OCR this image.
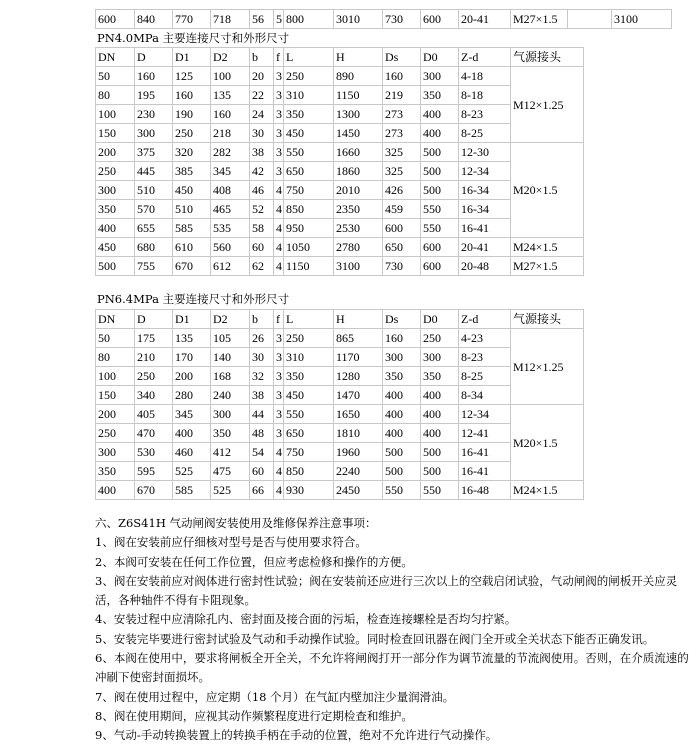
600	840	770	718	56	5	800	3010	730	600	20-41	M27×1.5		3100
PN4.0MPa 主要连接尺寸和外形尺寸
DN	D	D1	D2	b	f	L	H	Ds	D0	Z-d	气源接头
50	160	125	100	20	3	250	890	160	300	4-18	M12×1.25
80	195	160	135	22	3	310	1150	219	350	8-18	
100	230	190	160	24	3	350	1300	273	400	8-23	
150	300	250	218	30	3	450	1450	273	400	8-25	
200	375	320	282	38	3	550	1660	325	500	12-30	M20×1.5
250	445	385	345	42	3	650	1860	325	500	12-34	
300	510	450	408	46	4	750	2010	426	500	16-34	
350	570	510	465	52	4	850	2350	459	550	16-34	
400	655	585	535	58	4	950	2530	600	550	16-41	
450	680	610	560	60	4	1050	2780	650	600	20-41	M24×1.5
500	755	670	612	62	4	1150	3100	730	600	20-48	M27×1.5
PN6.4MPa 主要连接尺寸和外形尺寸
DN	D	D1	D2	b	f	L	H	Ds	D0	Z-d	气源接头
50	175	135	105	26	3	250	865	160	250	4-23	M12×1.25
80	210	170	140	30	3	310	1170	300	300	8-23	
100	250	200	168	32	3	350	1280	350	350	8-25	
150	340	280	240	38	3	450	1470	400	400	8-34	
200	405	345	300	44	3	550	1650	400	400	12-34	M20×1.5
250	470	400	350	48	3	650	1810	400	400	12-41	
300	530	460	412	54	4	750	1960	500	500	16-41	
350	595	525	475	60	4	850	2240	500	500	16-41	
400	670	585	525	66	4	930	2450	550	550	16-48	M24×1.5

六、Z6S41H 气动闸阀安装使用及维修保养注意事项：

1、阀在安装前应仔细核对型号是否与使用要求符合。

2、本阀可安装在任何工作位置，但应考虑检修和操作的方便。

3、阀在安装前应对阀体进行密封性试验；阀在安装前还应进行三次以上的空载启闭试验，气动闸阀的闸板开关应灵活，各种轴件不得有卡阻现象。

4、安装过程中应清除孔内、密封面及接合面的污垢，检查连接螺栓是否均匀拧紧。

5、安装完毕要进行密封试验及气动和手动操作试验。同时检查回讯器在阀门全开或全关状态下能否正确发讯。

6、本阀在使用中，要求将闸板全开全关，不允许将闸阀打开一部分作为调节流量的节流阀使用。否则，在介质流速的冲刷下使密封面损坏。

7、阀在使用过程中，应定期（18 个月）在气缸内壁加注少量润滑油。

8、阀在使用期间，应视其动作频繁程度进行定期检查和维护。

9、气动-手动转换装置上的转换手柄在手动的位置，绝对不允许进行气动操作。
